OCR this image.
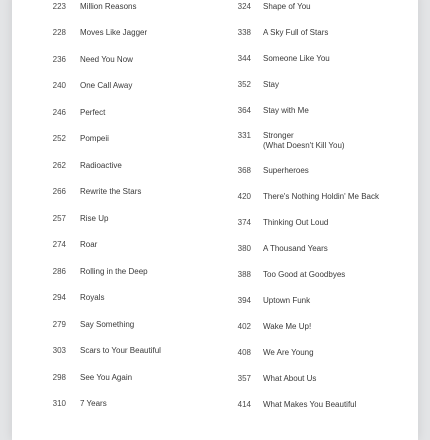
223 Million Reasons
228 Moves Like Jagger
236 Need You Now
240 One Call Away
246 Perfect
252 Pompeii
262 Radioactive
266 Rewrite the Stars
257 Rise Up
274 Roar
286 Rolling in the Deep
294 Royals
279 Say Something
303 Scars to Your Beautiful
298 See You Again
310 7 Years
324 Shape of You
338 A Sky Full of Stars
344 Someone Like You
352 Stay
364 Stay with Me
331 Stronger
(What Doesn't Kill You)
368 Superheroes
420 There's Nothing Holdin' Me Back
374 Thinking Out Loud
380 A Thousand Years
388 Too Good at Goodbyes
394 Uptown Funk
402 Wake Me Up!
408 We Are Young
357 What About Us
414 What Makes You Beautiful
